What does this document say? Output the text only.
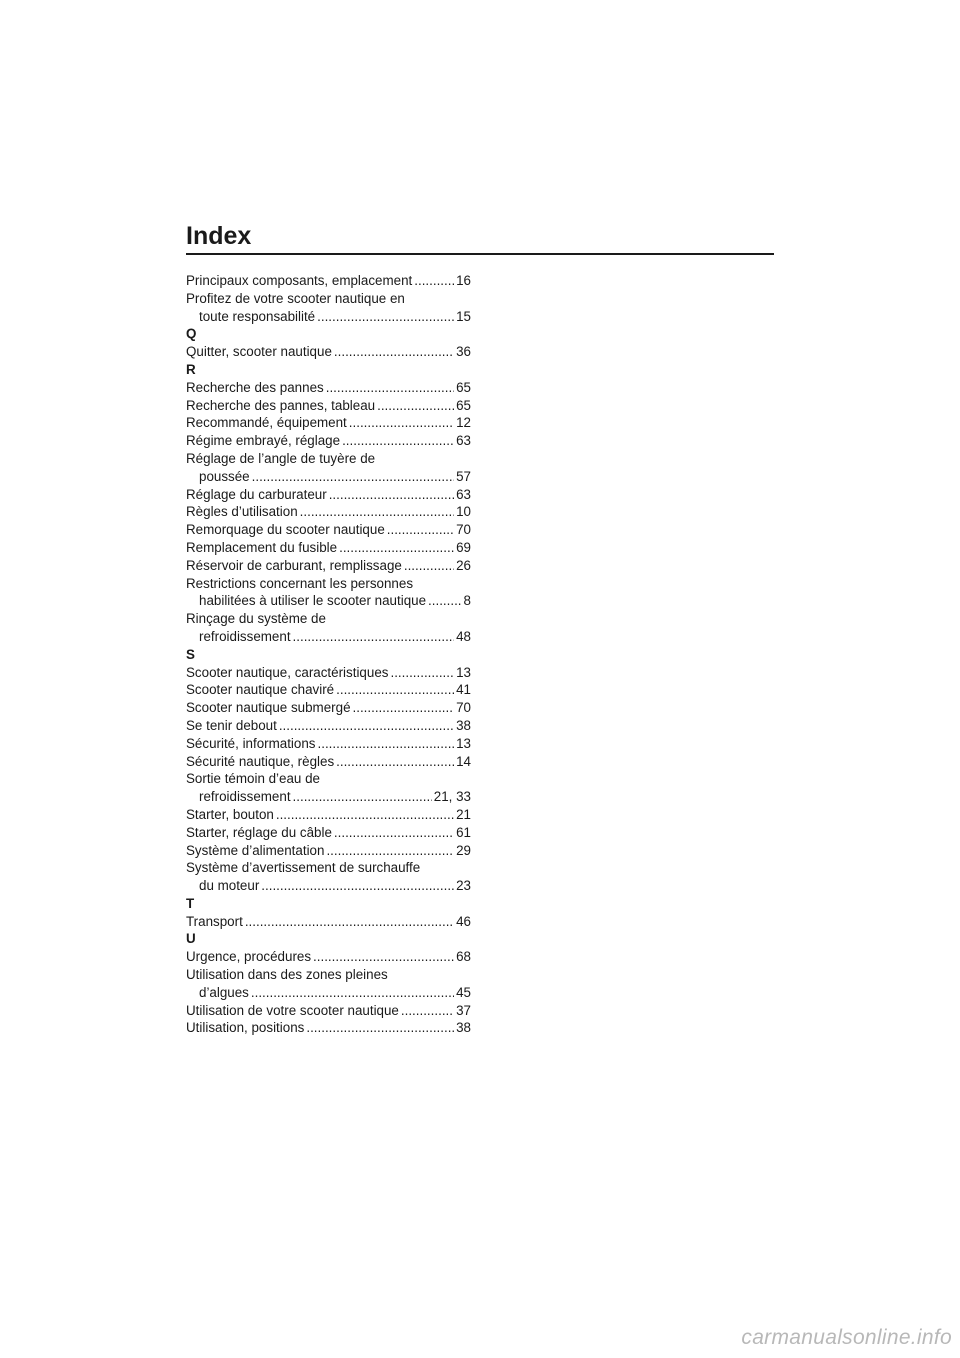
Index
Principaux composants, emplacement .....	16
Profitez de votre scooter nautique en
toute responsabilité .....	15
Q
Quitter, scooter nautique .....	36
R
Recherche des pannes .....	65
Recherche des pannes, tableau .....	65
Recommandé, équipement .....	12
Régime embrayé, réglage .....	63
Réglage de l’angle de tuyère de
poussée .....	57
Réglage du carburateur .....	63
Règles d’utilisation .....	10
Remorquage du scooter nautique .....	70
Remplacement du fusible .....	69
Réservoir de carburant, remplissage .....	26
Restrictions concernant les personnes
habilitées à utiliser le scooter nautique .....	8
Rinçage du système de
refroidissement .....	48
S
Scooter nautique, caractéristiques .....	13
Scooter nautique chaviré .....	41
Scooter nautique submergé .....	70
Se tenir debout .....	38
Sécurité, informations .....	13
Sécurité nautique, règles .....	14
Sortie témoin d’eau de
refroidissement .....	21, 33
Starter, bouton .....	21
Starter, réglage du câble .....	61
Système d’alimentation .....	29
Système d’avertissement de surchauffe
du moteur .....	23
T
Transport .....	46
U
Urgence, procédures .....	68
Utilisation dans des zones pleines
d’algues .....	45
Utilisation de votre scooter nautique .....	37
Utilisation, positions .....	38
carmanualsonline.info
